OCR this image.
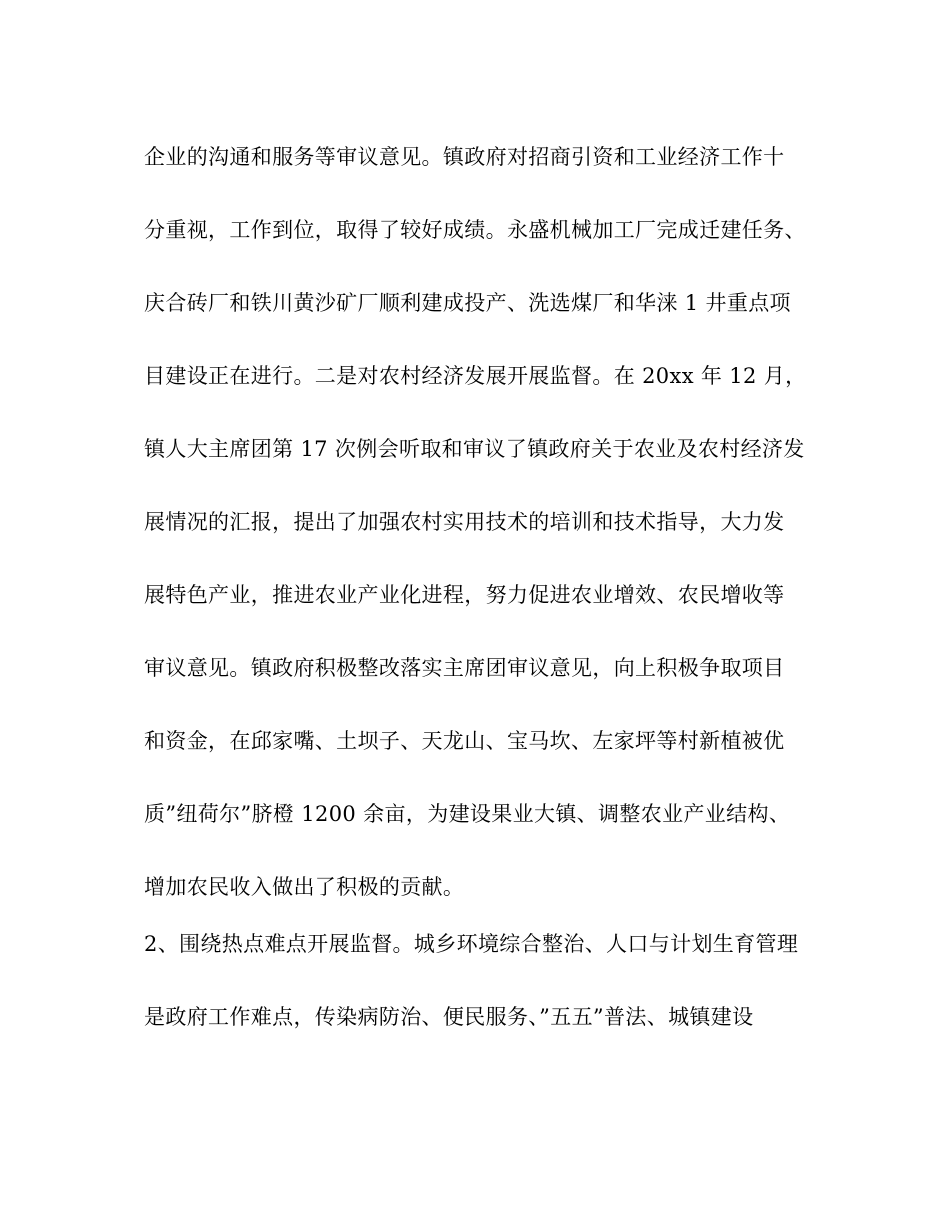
企业的沟通和服务等审议意见。镇政府对招商引资和工业经济工作十
分重视，工作到位，取得了较好成绩。永盛机械加工厂完成迁建任务、
庆合砖厂和铁川黄沙矿厂顺利建成投产、洗选煤厂和华涞 1 井重点项
目建设正在进行。二是对农村经济发展开展监督。在 20xx 年 12 月，
镇人大主席团第 17 次例会听取和审议了镇政府关于农业及农村经济发
展情况的汇报，提出了加强农村实用技术的培训和技术指导，大力发
展特色产业，推进农业产业化进程，努力促进农业增效、农民增收等
审议意见。镇政府积极整改落实主席团审议意见，向上积极争取项目
和资金，在邱家嘴、土坝子、天龙山、宝马坎、左家坪等村新植被优
质”纽荷尔”脐橙 1200 余亩，为建设果业大镇、调整农业产业结构、
增加农民收入做出了积极的贡献。
2、围绕热点难点开展监督。城乡环境综合整治、人口与计划生育管理
是政府工作难点，传染病防治、便民服务、”五五”普法、城镇建设
